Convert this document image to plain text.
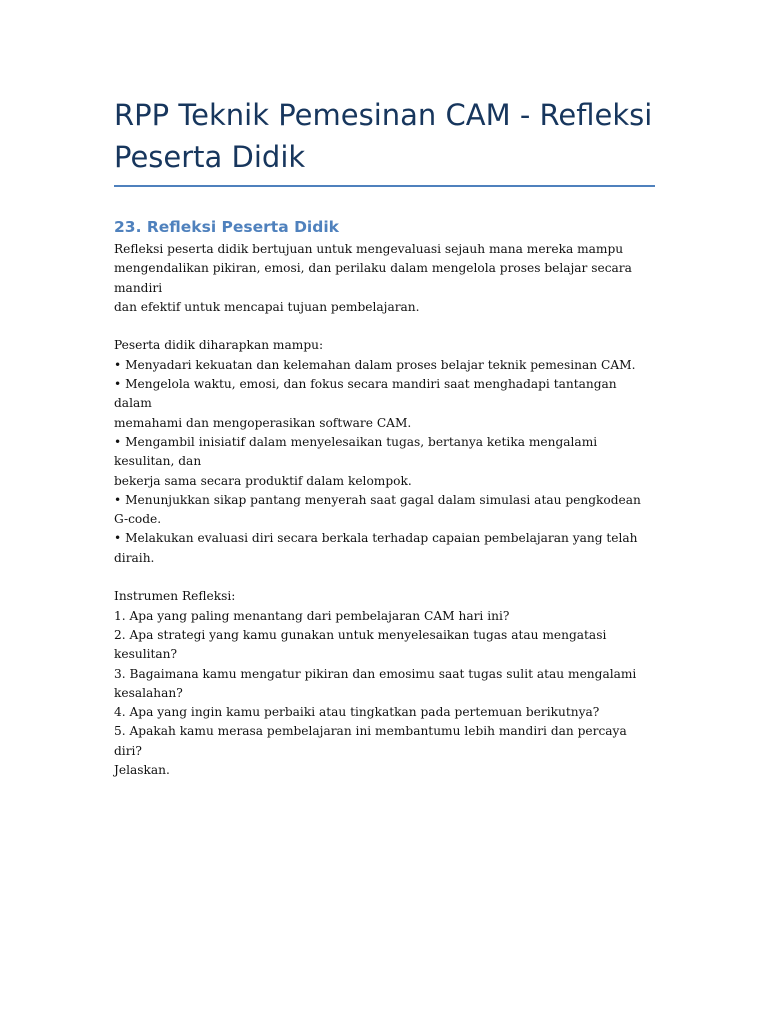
RPP Teknik Pemesinan CAM - Refleksi
Peserta Didik
23. Refleksi Peserta Didik

Refleksi peserta didik bertujuan untuk mengevaluasi sejauh mana mereka mampu
mengendalikan pikiran, emosi, dan perilaku dalam mengelola proses belajar secara mandiri
dan efektif untuk mencapai tujuan pembelajaran.

Peserta didik diharapkan mampu:
• Menyadari kekuatan dan kelemahan dalam proses belajar teknik pemesinan CAM.
• Mengelola waktu, emosi, dan fokus secara mandiri saat menghadapi tantangan dalam
memahami dan mengoperasikan software CAM.
• Mengambil inisiatif dalam menyelesaikan tugas, bertanya ketika mengalami kesulitan, dan
bekerja sama secara produktif dalam kelompok.
• Menunjukkan sikap pantang menyerah saat gagal dalam simulasi atau pengkodean G-code.
• Melakukan evaluasi diri secara berkala terhadap capaian pembelajaran yang telah diraih.

Instrumen Refleksi:
1. Apa yang paling menantang dari pembelajaran CAM hari ini?
2. Apa strategi yang kamu gunakan untuk menyelesaikan tugas atau mengatasi kesulitan?
3. Bagaimana kamu mengatur pikiran dan emosimu saat tugas sulit atau mengalami
kesalahan?
4. Apa yang ingin kamu perbaiki atau tingkatkan pada pertemuan berikutnya?
5. Apakah kamu merasa pembelajaran ini membantumu lebih mandiri dan percaya diri?
Jelaskan.
